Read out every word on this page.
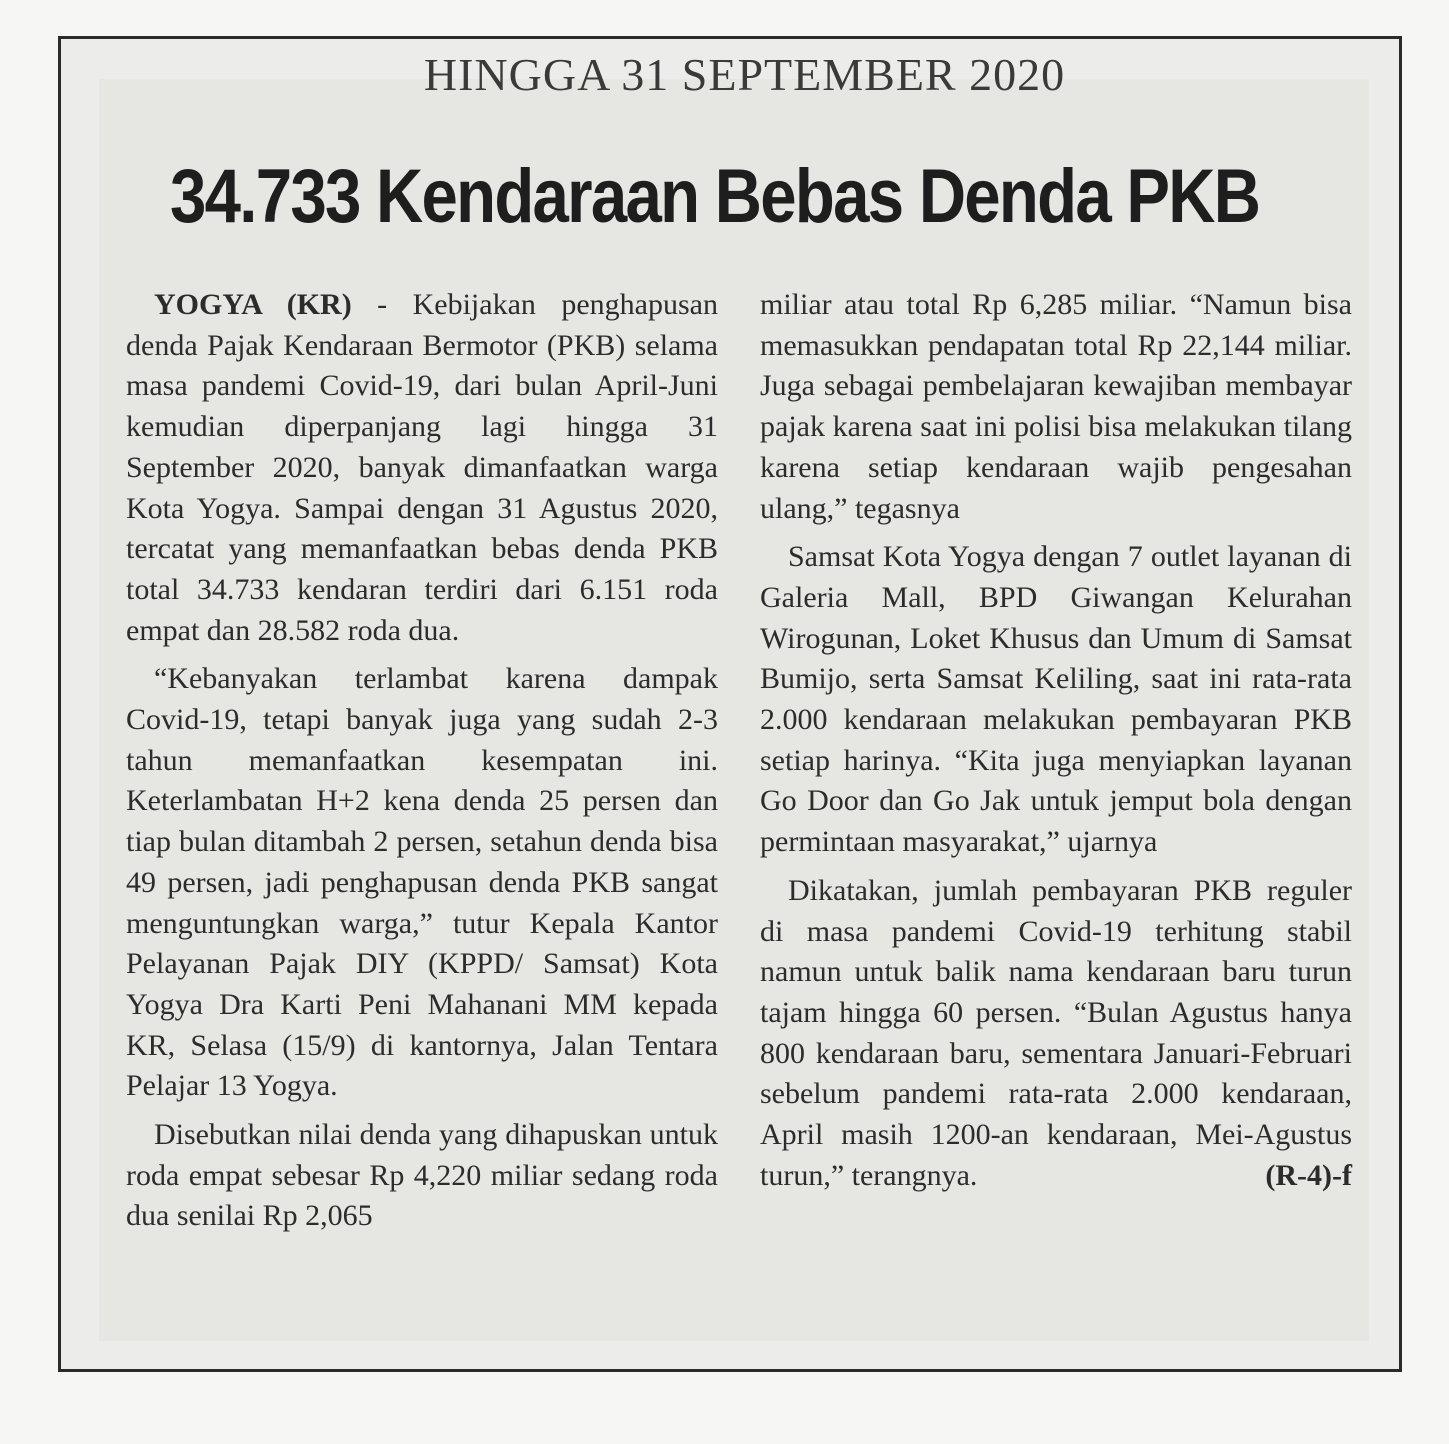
HINGGA 31 SEPTEMBER 2020
34.733 Kendaraan Bebas Denda PKB

YOGYA (KR) - Kebijakan penghapusan denda Pajak Kendaraan Bermotor (PKB) selama masa pandemi Covid-19, dari bulan April-Juni kemudian diperpanjang lagi hingga 31 September 2020, banyak dimanfaatkan warga Kota Yogya. Sampai dengan 31 Agustus 2020, tercatat yang memanfaatkan bebas denda PKB total 34.733 kendaran terdiri dari 6.151 roda empat dan 28.582 roda dua.

“Kebanyakan terlambat karena dampak Covid-19, tetapi banyak juga yang sudah 2-3 tahun memanfaatkan kesempatan ini. Keterlambatan H+2 kena denda 25 persen dan tiap bulan ditambah 2 persen, setahun denda bisa 49 persen, jadi penghapusan denda PKB sangat menguntungkan warga,” tutur Kepala Kantor Pelayanan Pajak DIY (KPPD/ Samsat) Kota Yogya Dra Karti Peni Mahanani MM kepada KR, Selasa (15/9) di kantornya, Jalan Tentara Pelajar 13 Yogya.

Disebutkan nilai denda yang dihapuskan untuk roda empat sebesar Rp 4,220 miliar sedang roda dua senilai Rp 2,065

miliar atau total Rp 6,285 miliar. “Namun bisa memasukkan pendapatan total Rp 22,144 miliar. Juga sebagai pembelajaran kewajiban membayar pajak karena saat ini polisi bisa melakukan tilang karena setiap kendaraan wajib pengesahan ulang,” tegasnya

Samsat Kota Yogya dengan 7 outlet layanan di Galeria Mall, BPD Giwangan Kelurahan Wirogunan, Loket Khusus dan Umum di Samsat Bumijo, serta Samsat Keliling, saat ini rata-rata 2.000 kendaraan melakukan pembayaran PKB setiap harinya. “Kita juga menyiapkan layanan Go Door dan Go Jak untuk jemput bola dengan permintaan masyarakat,” ujarnya

Dikatakan, jumlah pembayaran PKB reguler di masa pandemi Covid-19 terhitung stabil namun untuk balik nama kendaraan baru turun tajam hingga 60 persen. “Bulan Agustus hanya 800 kendaraan baru, sementara Januari-Februari sebelum pandemi rata-rata 2.000 kendaraan, April masih 1200-an kendaraan, Mei-Agustus turun,” terangnya.	(R-4)-f
